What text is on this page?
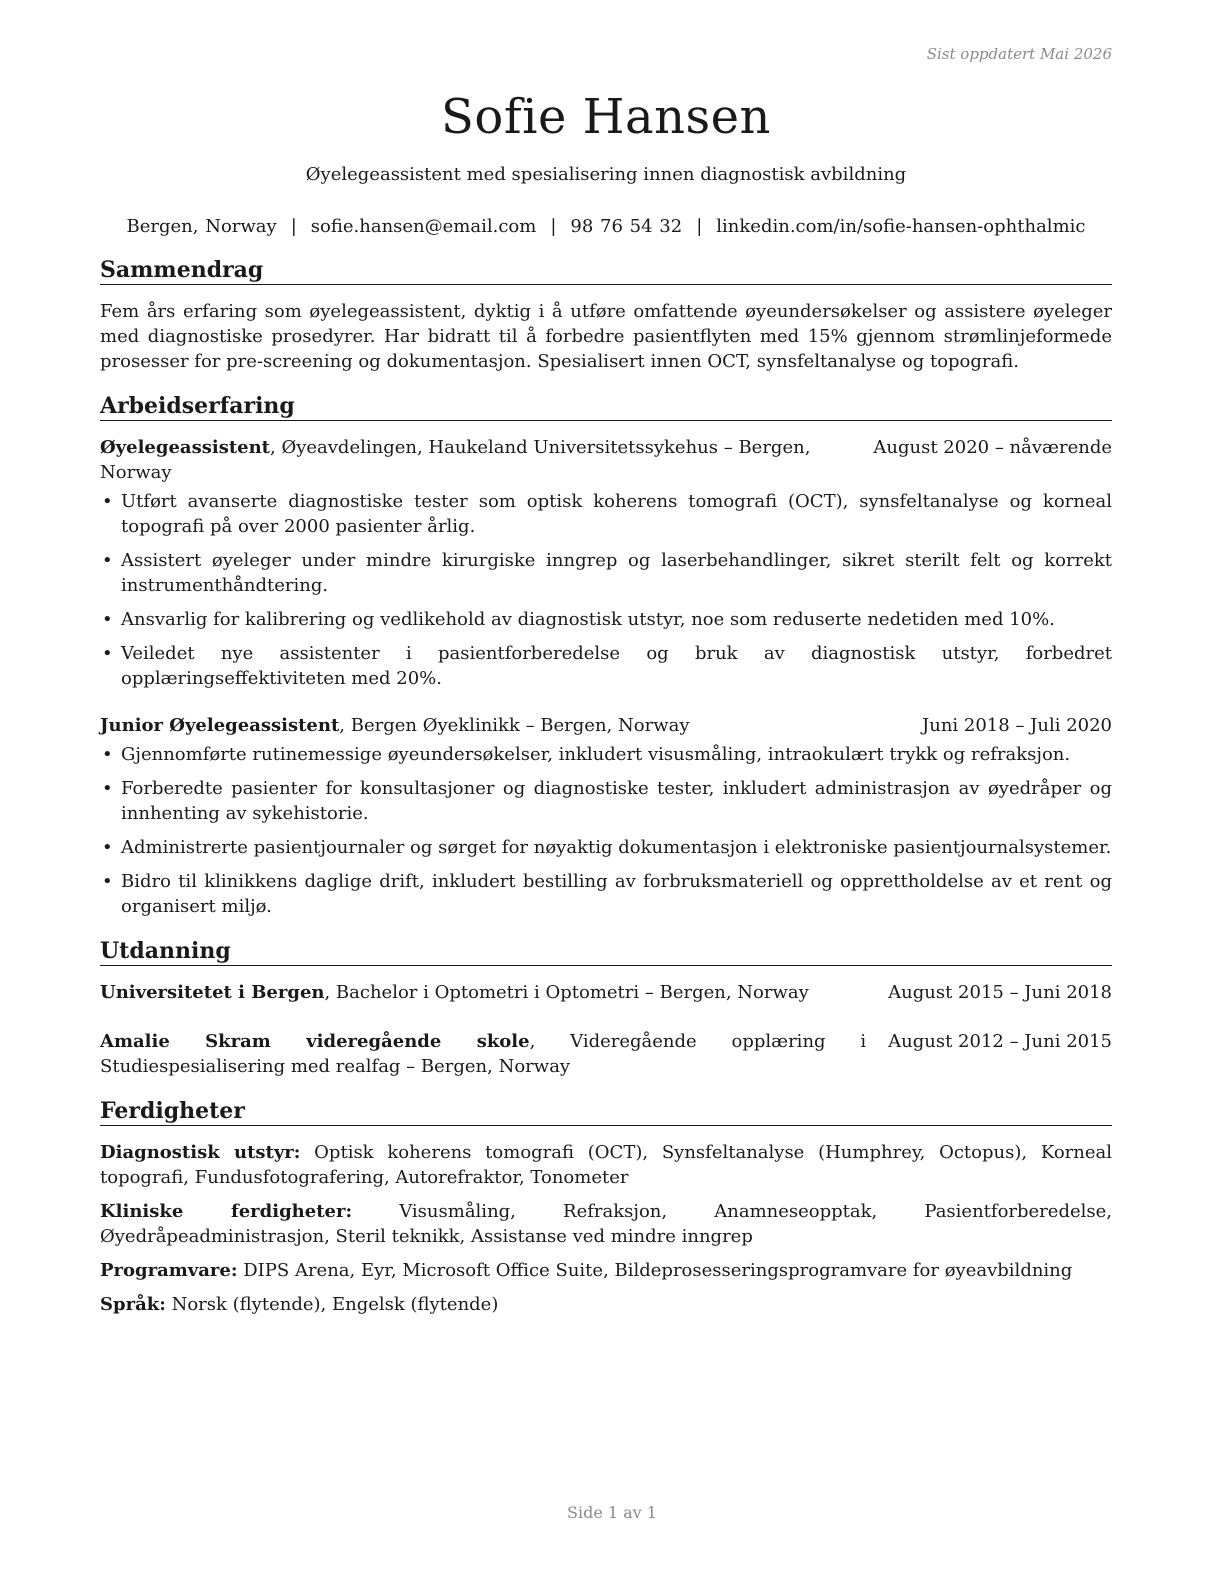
Sist oppdatert Mai 2026
Sofie Hansen
Øyelegeassistent med spesialisering innen diagnostisk avbildning
Bergen, Norway | sofie.hansen@email.com | 98 76 54 32 | linkedin.com/in/sofie-hansen-ophthalmic
Sammendrag
Fem års erfaring som øyelegeassistent, dyktig i å utføre omfattende øyeundersøkelser og assistere øyeleger med diagnostiske prosedyrer. Har bidratt til å forbedre pasientflyten med 15% gjennom strømlinjeformede prosesser for pre-screening og dokumentasjon. Spesialisert innen OCT, synsfeltanalyse og topografi.
Arbeidserfaring
Øyelegeassistent, Øyeavdelingen, Haukeland Universitetssykehus – Bergen, Norway
August 2020 – nåværende
• Utført avanserte diagnostiske tester som optisk koherens tomografi (OCT), synsfeltanalyse og korneal topografi på over 2000 pasienter årlig.
• Assistert øyeleger under mindre kirurgiske inngrep og laserbehandlinger, sikret sterilt felt og korrekt instrumenthåndtering.
• Ansvarlig for kalibrering og vedlikehold av diagnostisk utstyr, noe som reduserte nedetiden med 10%.
• Veiledet nye assistenter i pasientforberedelse og bruk av diagnostisk utstyr, forbedret opplæringseffektiviteten med 20%.
Junior Øyelegeassistent, Bergen Øyeklinikk – Bergen, Norway	Juni 2018 – Juli 2020
• Gjennomførte rutinemessige øyeundersøkelser, inkludert visusmåling, intraokulært trykk og refraksjon.
• Forberedte pasienter for konsultasjoner og diagnostiske tester, inkludert administrasjon av øyedråper og innhenting av sykehistorie.
• Administrerte pasientjournaler og sørget for nøyaktig dokumentasjon i elektroniske pasientjournalsystemer.
• Bidro til klinikkens daglige drift, inkludert bestilling av forbruksmateriell og opprettholdelse av et rent og organisert miljø.
Utdanning
Universitetet i Bergen, Bachelor i Optometri i Optometri – Bergen, Norway	August 2015 – Juni 2018
Amalie Skram videregående skole, Videregående opplæring i Studiespesialisering med realfag – Bergen, Norway
August 2012 – Juni 2015
Ferdigheter
Diagnostisk utstyr: Optisk koherens tomografi (OCT), Synsfeltanalyse (Humphrey, Octopus), Korneal topografi, Fundusfotografering, Autorefraktor, Tonometer
Kliniske ferdigheter: Visusmåling, Refraksjon, Anamneseopptak, Pasientforberedelse, Øyedråpeadministrasjon, Steril teknikk, Assistanse ved mindre inngrep
Programvare: DIPS Arena, Eyr, Microsoft Office Suite, Bildeprosesseringsprogramvare for øyeavbildning
Språk: Norsk (flytende), Engelsk (flytende)
Side 1 av 1
